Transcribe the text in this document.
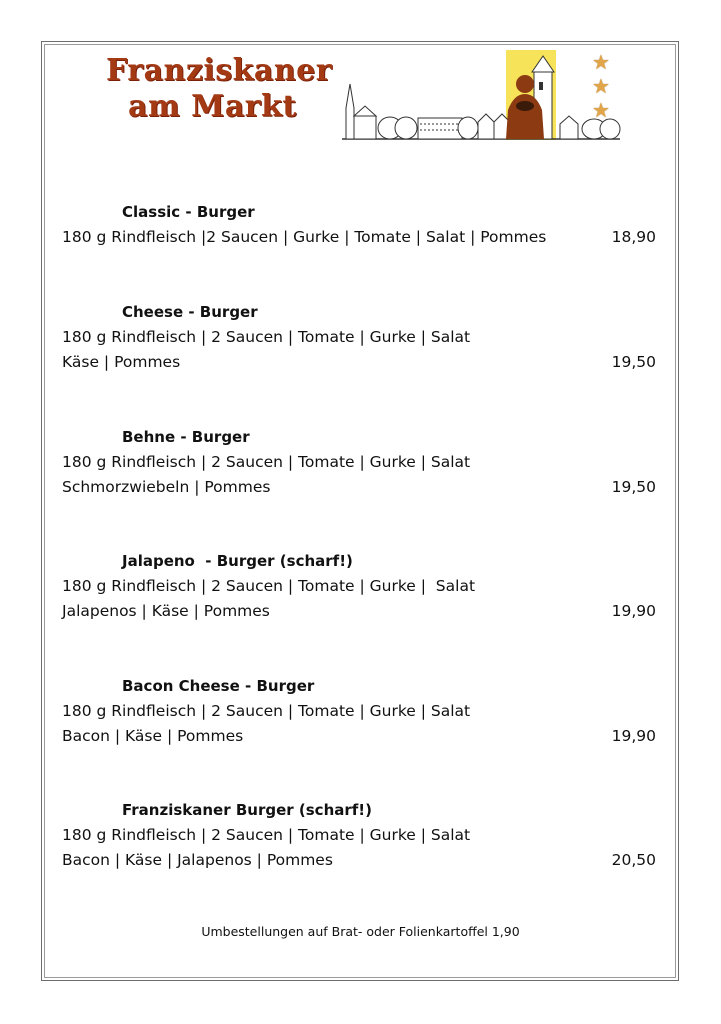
Franziskaner
am Markt
★
★
★
Classic - Burger
180 g Rindfleisch |2 Saucen | Gurke | Tomate | Salat | Pommes	18,90
Cheese - Burger
180 g Rindfleisch | 2 Saucen | Tomate | Gurke | Salat
Käse | Pommes	19,50
Behne - Burger
180 g Rindfleisch | 2 Saucen | Tomate | Gurke | Salat
Schmorzwiebeln | Pommes	19,50
Jalapeno  - Burger (scharf!)
180 g Rindfleisch | 2 Saucen | Tomate | Gurke |  Salat
Jalapenos | Käse | Pommes	19,90
Bacon Cheese - Burger
180 g Rindfleisch | 2 Saucen | Tomate | Gurke | Salat
Bacon | Käse | Pommes	19,90
Franziskaner Burger (scharf!)
180 g Rindfleisch | 2 Saucen | Tomate | Gurke | Salat
Bacon | Käse | Jalapenos | Pommes	20,50
Umbestellungen auf Brat- oder Folienkartoffel 1,90
